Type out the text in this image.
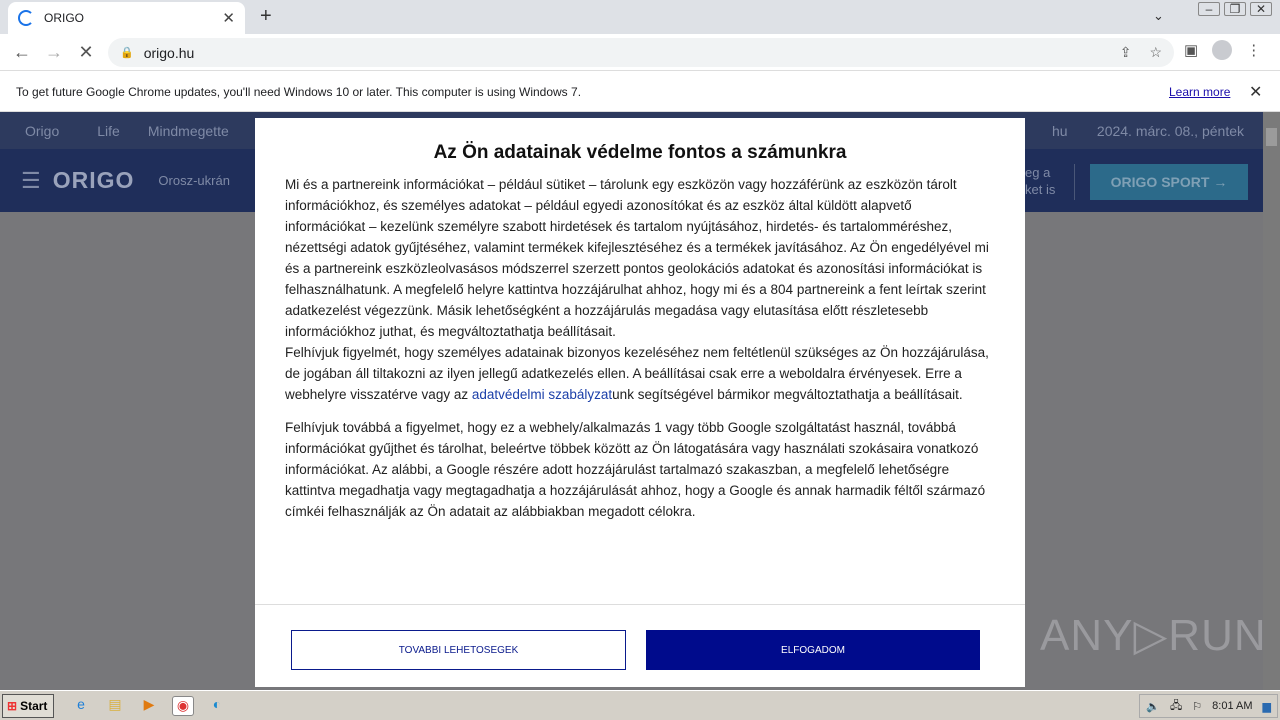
ORIGO	✕ +	⌄	–	❐	✕
← → ✕	🔒 origo.hu	⇪ ☆ ▣	⋮
To get future Google Chrome updates, you'll need Windows 10 or later. This computer is using Windows 7.	Learn more ✕
Origo	Life Mindmegette	hu 2024. márc. 08., péntek
☰ ORIGO Orosz-ukrán
eg a
ket is	ORIGO SPORT →
ANY▷RUN
Az Ön adatainak védelme fontos a számunkra

Mi és a partnereink információkat – például sütiket – tárolunk egy eszközön vagy hozzáférünk az eszközön tárolt információkhoz, és személyes adatokat – például egyedi azonosítókat és az eszköz által küldött alapvető információkat – kezelünk személyre szabott hirdetések és tartalom nyújtásához, hirdetés- és tartalomméréshez, nézettségi adatok gyűjtéséhez, valamint termékek kifejlesztéséhez és a termékek javításához. Az Ön engedélyével mi és a partnereink eszközleolvasásos módszerrel szerzett pontos geolokációs adatokat és azonosítási információkat is felhasználhatunk. A megfelelő helyre kattintva hozzájárulhat ahhoz, hogy mi és a 804 partnereink a fent leírtak szerint adatkezelést végezzünk. Másik lehetőségként a hozzájárulás megadása vagy elutasítása előtt részletesebb információkhoz juthat, és megváltoztathatja beállításait.
Felhívjuk figyelmét, hogy személyes adatainak bizonyos kezeléséhez nem feltétlenül szükséges az Ön hozzájárulása, de jogában áll tiltakozni az ilyen jellegű adatkezelés ellen. A beállításai csak erre a weboldalra érvényesek. Erre a webhelyre visszatérve vagy az adatvédelmi szabályzatunk segítségével bármikor megváltoztathatja a beállításait.

Felhívjuk továbbá a figyelmet, hogy ez a webhely/alkalmazás 1 vagy több Google szolgáltatást használ, továbbá információkat gyűjthet és tárolhat, beleértve többek között az Ön látogatására vagy használati szokásaira vonatkozó információkat. Az alábbi, a Google részére adott hozzájárulást tartalmazó szakaszban, a megfelelő lehetőségre kattintva megadhatja vagy megtagadhatja a hozzájárulását ahhoz, hogy a Google és annak harmadik féltől származó címkéi felhasználják az Ön adatait az alábbiakban megadott célokra.

TOVABBI LEHETOSEGEK	ELFOGADOM
⊞ Start	e	▤	▶	◉	◐	🔈 🖧 ⚐ 8:01 AM ▆
